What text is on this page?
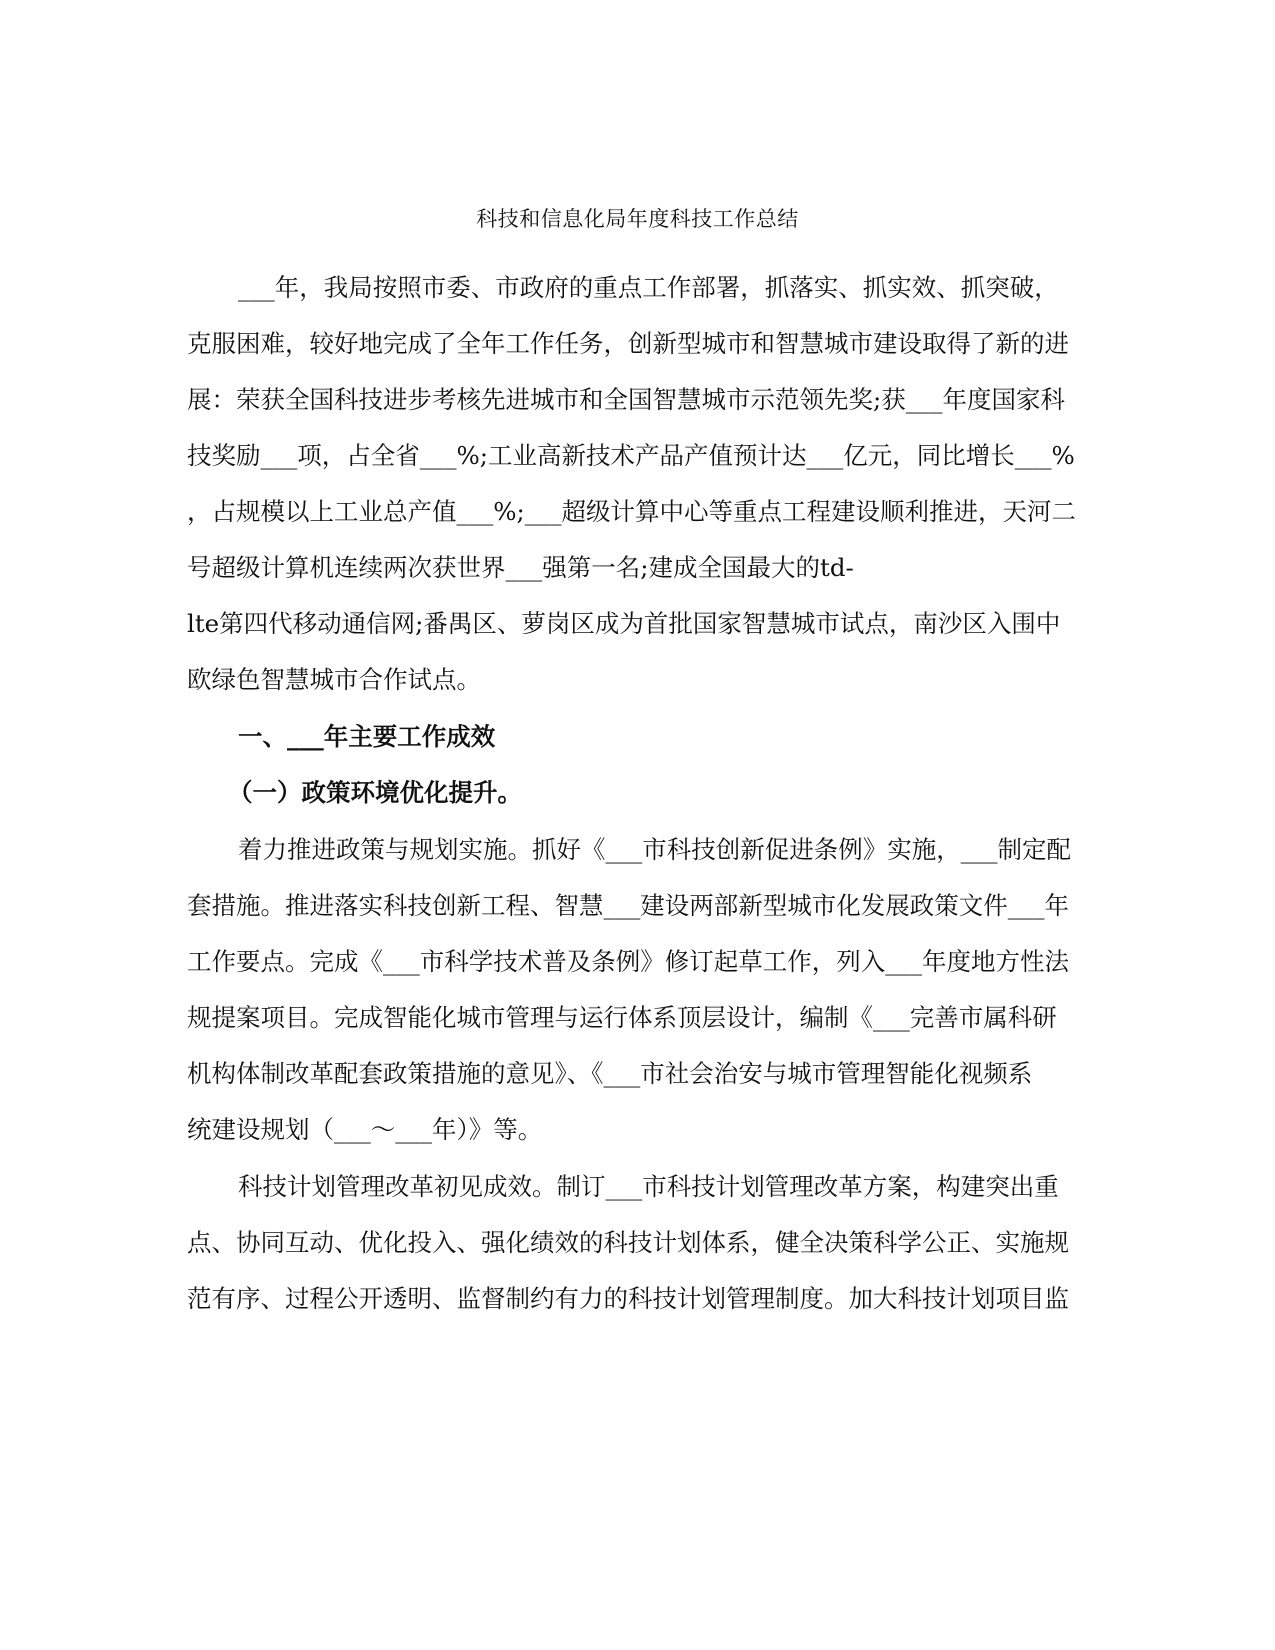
科技和信息化局年度科技工作总结
___年，我局按照市委、市政府的重点工作部署，抓落实、抓实效、抓突破，
克服困难，较好地完成了全年工作任务，创新型城市和智慧城市建设取得了新的进
展：荣获全国科技进步考核先进城市和全国智慧城市示范领先奖;获___年度国家科
技奖励___项，占全省___%;工业高新技术产品产值预计达___亿元，同比增长___%
，占规模以上工业总产值___%;___超级计算中心等重点工程建设顺利推进，天河二
号超级计算机连续两次获世界___强第一名;建成全国最大的td-
lte第四代移动通信网;番禺区、萝岗区成为首批国家智慧城市试点，南沙区入围中
欧绿色智慧城市合作试点。
一、___年主要工作成效
（一）政策环境优化提升。
着力推进政策与规划实施。抓好《___市科技创新促进条例》实施，___制定配
套措施。推进落实科技创新工程、智慧___建设两部新型城市化发展政策文件___年
工作要点。完成《___市科学技术普及条例》修订起草工作，列入___年度地方性法
规提案项目。完成智能化城市管理与运行体系顶层设计，编制《___完善市属科研
机构体制改革配套政策措施的意见》、《___市社会治安与城市管理智能化视频系
统建设规划（___～___年）》等。
科技计划管理改革初见成效。制订___市科技计划管理改革方案，构建突出重
点、协同互动、优化投入、强化绩效的科技计划体系，健全决策科学公正、实施规
范有序、过程公开透明、监督制约有力的科技计划管理制度。加大科技计划项目监
